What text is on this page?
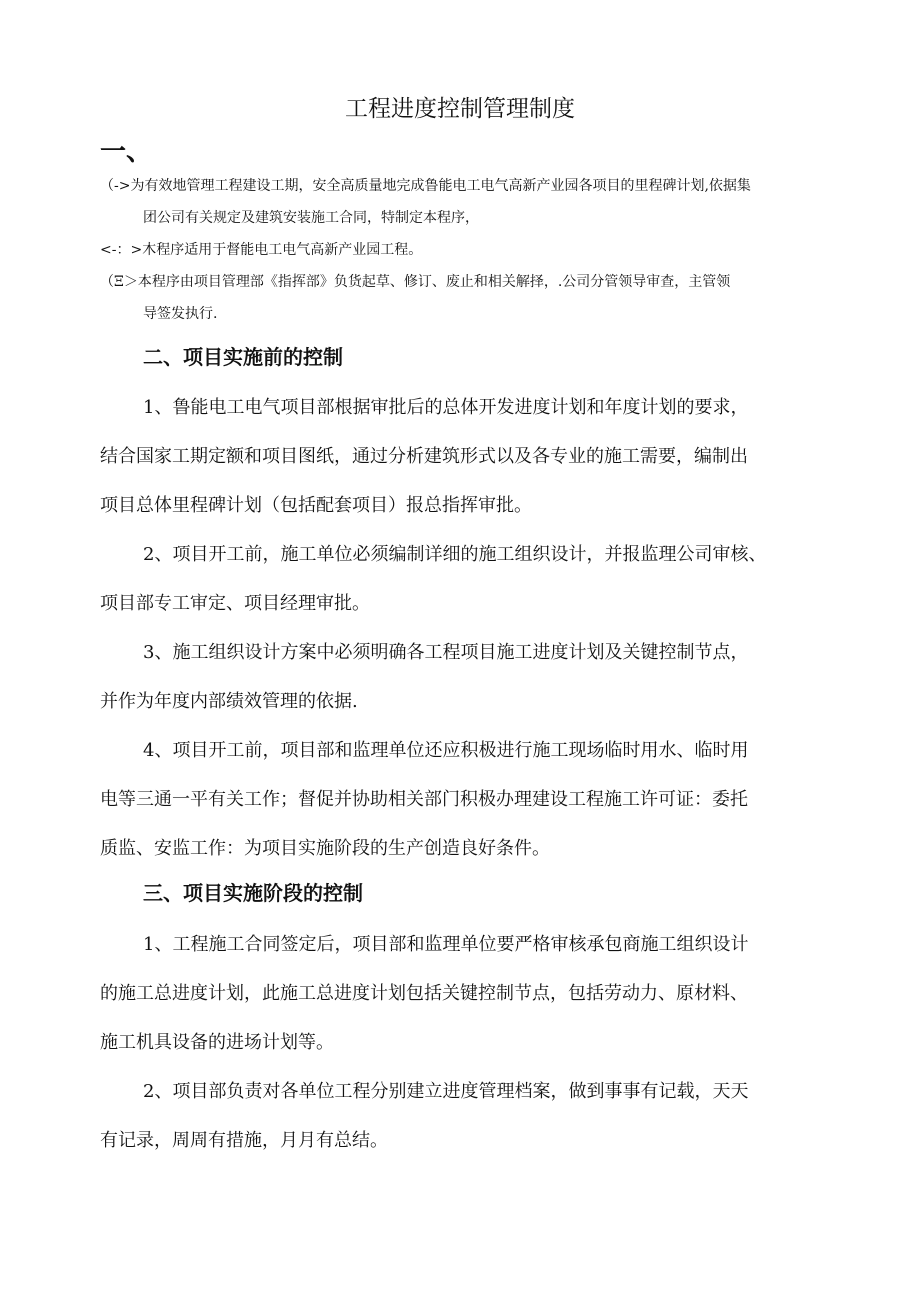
工程进度控制管理制度
一、
（->为有效地管理工程建设工期，安全高质量地完成鲁能电工电气高新产业园各项目的里程碑计划,依据集
团公司有关规定及建筑安装施工合同，特制定本程序，
<-：>木程序适用于督能电工电气高新产业园工程。
（Ξ＞本程序由项目管理部《指挥部》负货起草、修订、废止和相关解择，.公司分管领导审查，主管领
导签发执行.
二、项目实施前的控制
1、鲁能电工电气项目部根据审批后的总体开发进度计划和年度计划的要求，
结合国家工期定额和项目图纸，通过分析建筑形式以及各专业的施工需要，编制出
项目总体里程碑计划（包括配套项目）报总指挥审批。
2、项目开工前，施工单位必须编制详细的施工组织设计，并报监理公司审核、
项目部专工审定、项目经理审批。
3、施工组织设计方案中必须明确各工程项目施工进度计划及关键控制节点，
并作为年度内部绩效管理的依据.
4、项目开工前，项目部和监理单位还应积极进行施工现场临时用水、临时用
电等三通一平有关工作；督促并协助相关部门积极办理建设工程施工许可证：委托
质监、安监工作：为项目实施阶段的生产创造良好条件。
三、项目实施阶段的控制
1、工程施工合同签定后，项目部和监理单位要严格审核承包商施工组织设计
的施工总进度计划，此施工总进度计划包括关键控制节点，包括劳动力、原材料、
施工机具设备的进场计划等。
2、项目部负责对各单位工程分别建立进度管理档案，做到事事有记载，天天
有记录，周周有措施，月月有总结。
